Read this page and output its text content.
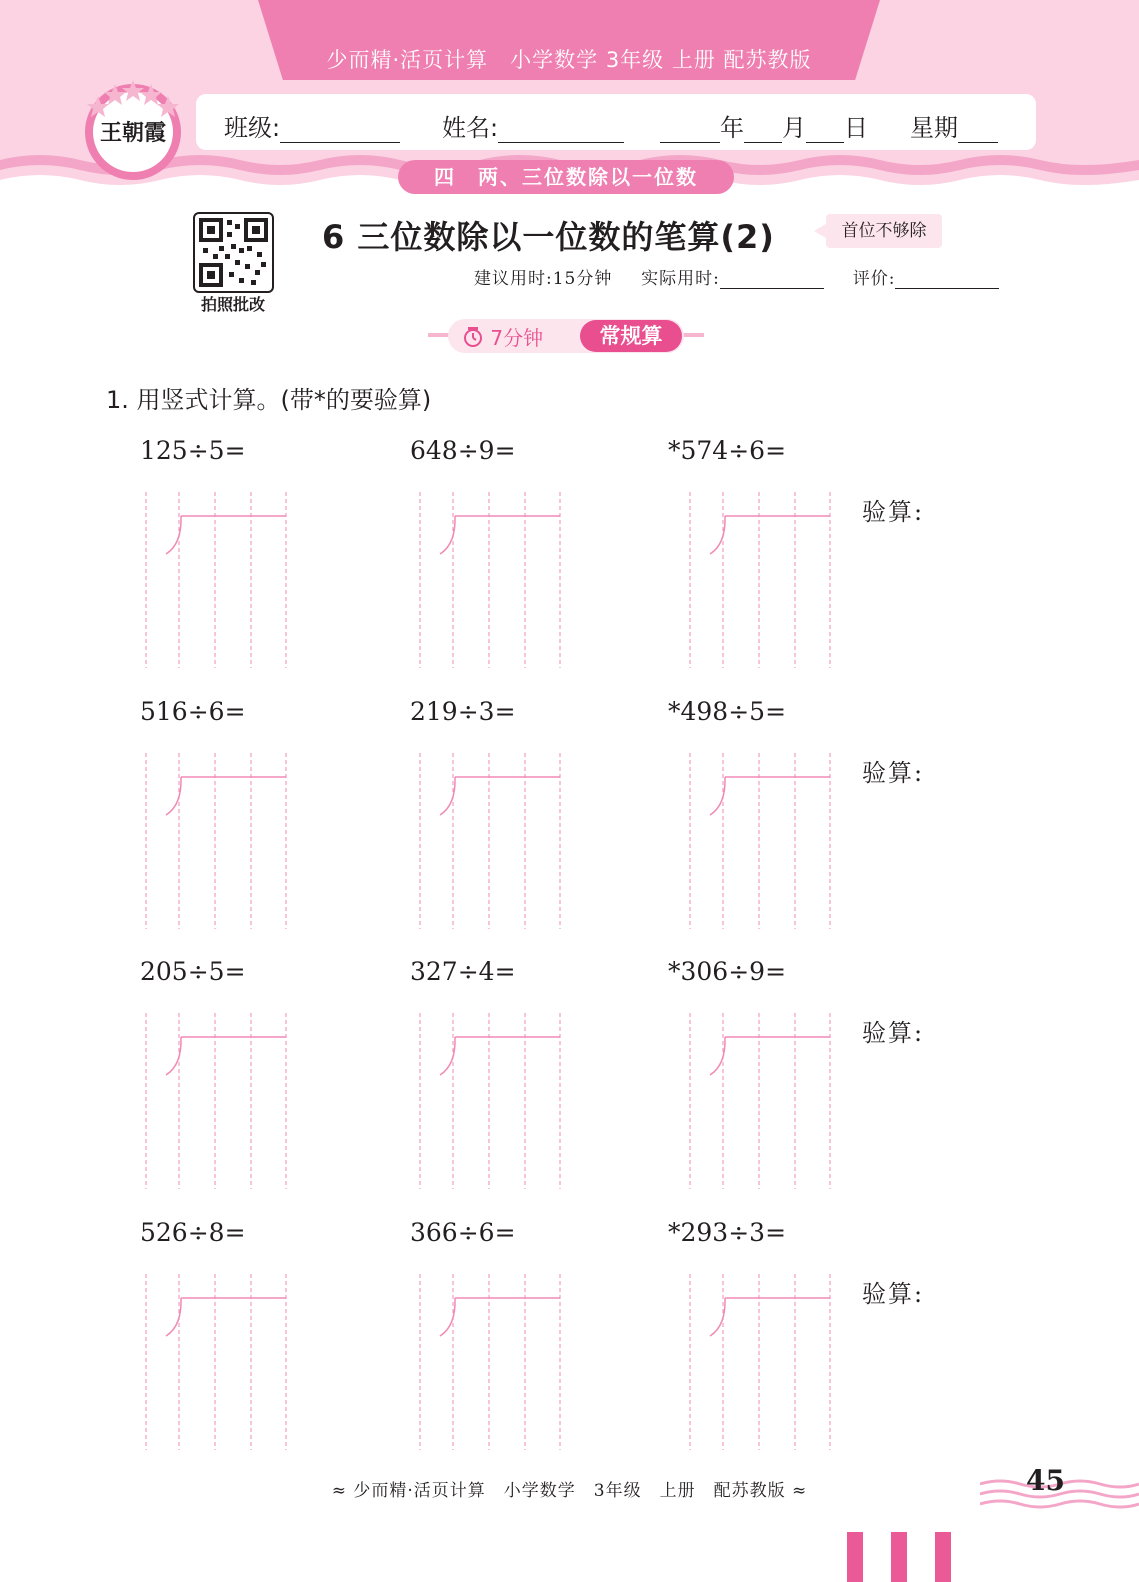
少而精·活页计算　小学数学 3年级 上册 配苏教版
王朝霞 班级:	姓名:	年 月 日 星期
四　两、三位数除以一位数
拍照批改
6 三位数除以一位数的笔算(2)	首位不够除
建议用时:15分钟 实际用时:	评价:
7分钟	常规算
1. 用竖式计算。(带*的要验算)
125÷5=	648÷9=	*574÷6=
验算:
516÷6=	219÷3=	*498÷5=
验算:
205÷5=	327÷4=	*306÷9=
验算:
526÷8=	366÷6=	*293÷3=
验算:
≈ 少而精·活页计算　小学数学　3年级　上册　配苏教版 ≈	45
